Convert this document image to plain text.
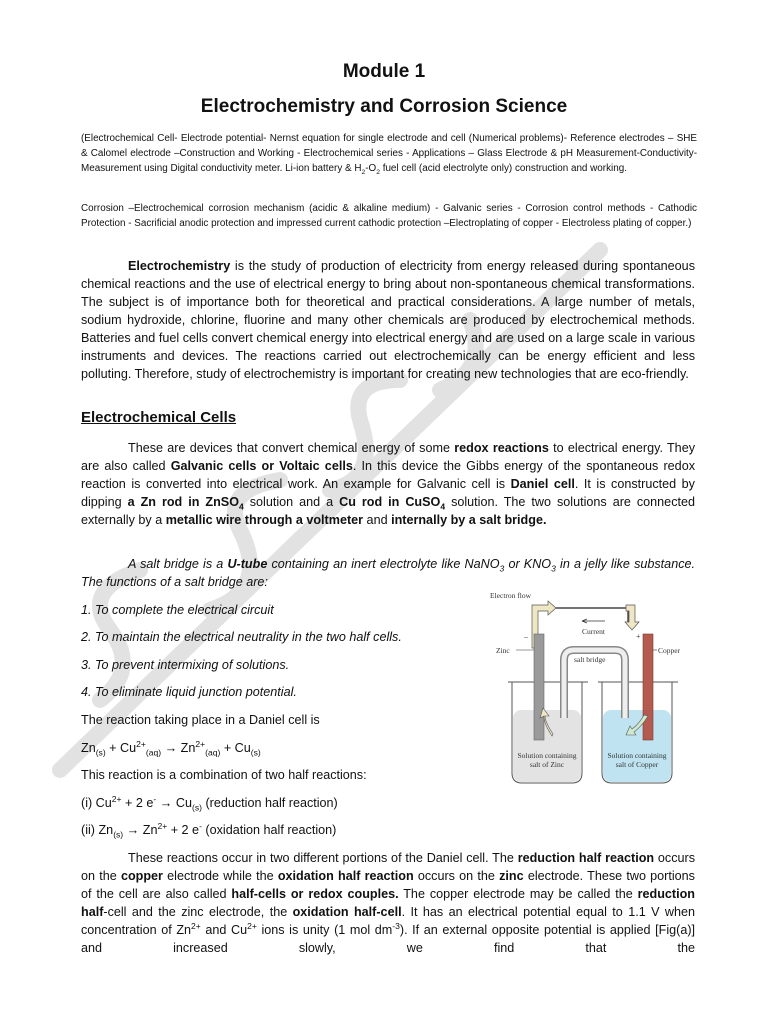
Module 1
Electrochemistry and Corrosion Science
(Electrochemical Cell- Electrode potential- Nernst equation for single electrode and cell (Numerical problems)- Reference electrodes – SHE & Calomel electrode –Construction and Working - Electrochemical series - Applications – Glass Electrode & pH Measurement-Conductivity- Measurement using Digital conductivity meter. Li-ion battery & $H_2-O_2$ fuel cell (acid electrolyte only) construction and working.
Corrosion –Electrochemical corrosion mechanism (acidic & alkaline medium) - Galvanic series - Corrosion control methods - Cathodic Protection - Sacrificial anodic protection and impressed current cathodic protection –Electroplating of copper - Electroless plating of copper.)
Electrochemistry is the study of production of electricity from energy released during spontaneous chemical reactions and the use of electrical energy to bring about non-spontaneous chemical transformations. The subject is of importance both for theoretical and practical considerations. A large number of metals, sodium hydroxide, chlorine, fluorine and many other chemicals are produced by electrochemical methods. Batteries and fuel cells convert chemical energy into electrical energy and are used on a large scale in various instruments and devices. The reactions carried out electrochemically can be energy efficient and less polluting. Therefore, study of electrochemistry is important for creating new technologies that are eco-friendly.
Electrochemical Cells
These are devices that convert chemical energy of some redox reactions to electrical energy. They are also called Galvanic cells or Voltaic cells. In this device the Gibbs energy of the spontaneous redox reaction is converted into electrical work. An example for Galvanic cell is Daniel cell. It is constructed by dipping a Zn rod in ZnSO$_4$ solution and a Cu rod in CuSO$_4$ solution. The two solutions are connected externally by a metallic wire through a voltmeter and internally by a salt bridge.
A salt bridge is a U-tube containing an inert electrolyte like NaNO$_3$ or $KNO_3$ in a jelly like substance. The functions of a salt bridge are:
1. To complete the electrical circuit
2. To maintain the electrical neutrality in the two half cells.
3. To prevent intermixing of solutions.
4. To eliminate liquid junction potential.
The reaction taking place in a Daniel cell is
$Zn_{(s)} + Cu^{2+}_{(aq)} \to Zn^{2+}_{(aq)} + Cu_{(s)}$
This reaction is a combination of two half reactions:
(i) $Cu^{2+} + 2$ $e^- \to Cu_{(s)}$ (reduction half reaction)
(ii) $Zn_{(s)} \to Zn^{2+} + 2$ e- (oxidation half reaction)
These reactions occur in two different portions of the Daniel cell. The reduction half reaction occurs on the copper electrode while the oxidation half reaction occurs on the zinc electrode. These two portions of the cell are also called half-cells or redox couples. The copper electrode may be called the reduction half-cell and the zinc electrode, the oxidation half-cell. It has an electrical potential equal to 1.1 V when concentration of $Zn^{2+}$ and $Cu^{2+}$ ions is unity (1 mol $dm^{-3}$). If an external opposite potential is applied [Fig(a)] and increased slowly, we find that the
Electron flow
Current
–	+
salt bridge
Zinc	Copper
Solution containing
salt of Zinc
Solution containing
salt of Copper
